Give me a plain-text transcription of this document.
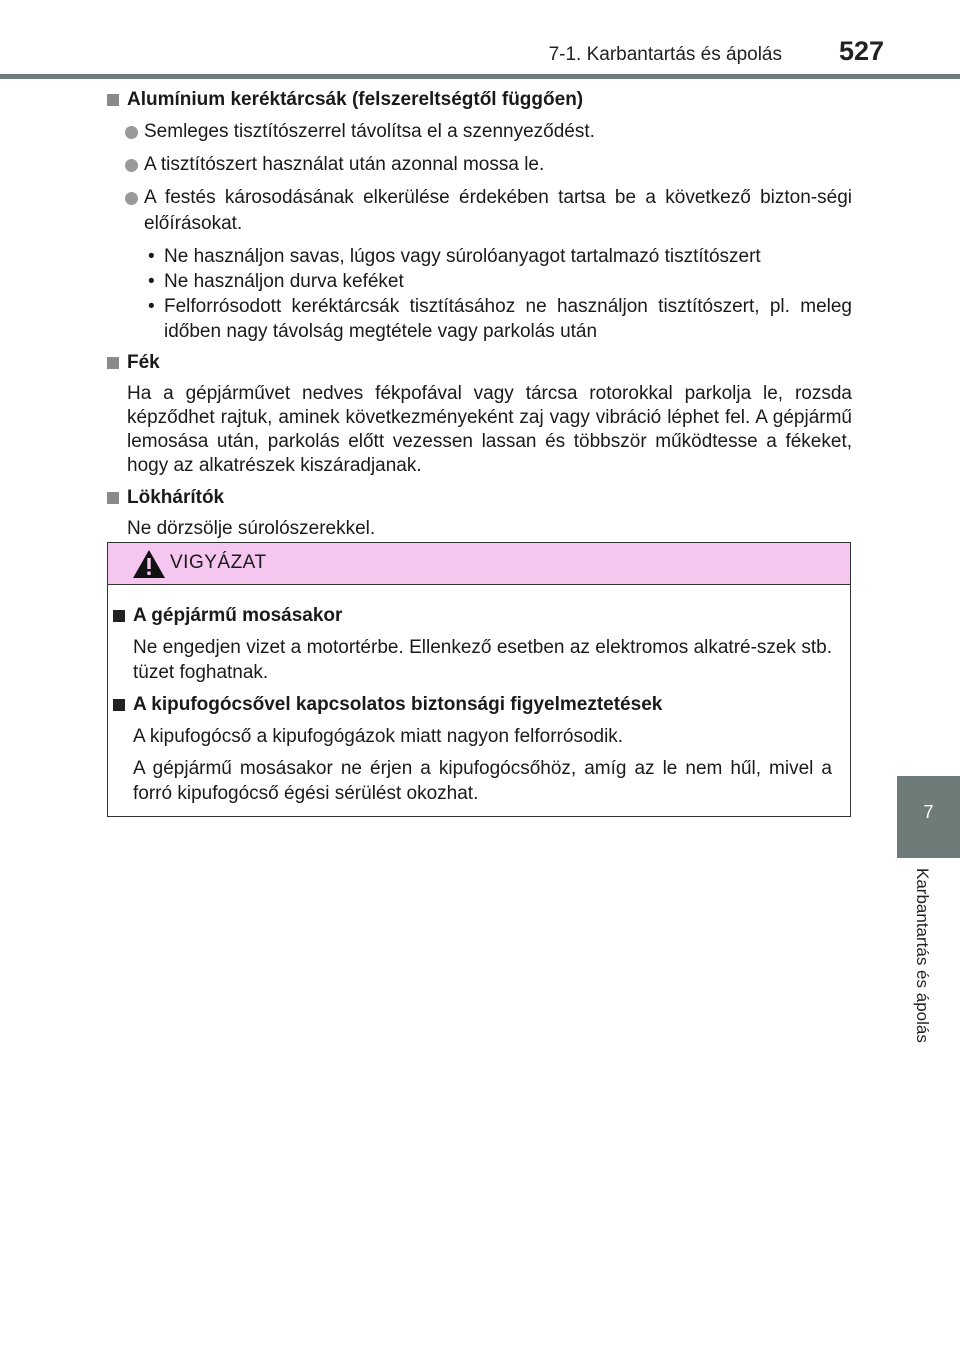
7-1. Karbantartás és ápolás 527
7
Karbantartás és ápolás
Alumínium keréktárcsák (felszereltségtől függően)
Semleges tisztítószerrel távolítsa el a szennyeződést.
A tisztítószert használat után azonnal mossa le.
A festés károsodásának elkerülése érdekében tartsa be a következő bizton-ségi előírásokat.
• Ne használjon savas, lúgos vagy súrolóanyagot tartalmazó tisztítószert
• Ne használjon durva keféket
• Felforrósodott keréktárcsák tisztításához ne használjon tisztítószert, pl. meleg időben nagy távolság megtétele vagy parkolás után
Fék
Ha a gépjárművet nedves fékpofával vagy tárcsa rotorokkal parkolja le, rozsda képződhet rajtuk, aminek következményeként zaj vagy vibráció léphet fel. A gépjármű lemosása után, parkolás előtt vezessen lassan és többször működtesse a fékeket, hogy az alkatrészek kiszáradjanak.
Lökhárítók
Ne dörzsölje súrolószerekkel.
VIGYÁZAT
A gépjármű mosásakor
Ne engedjen vizet a motortérbe. Ellenkező esetben az elektromos alkatré-szek stb. tüzet foghatnak.
A kipufogócsővel kapcsolatos biztonsági figyelmeztetések
A kipufogócső a kipufogógázok miatt nagyon felforrósodik.
A gépjármű mosásakor ne érjen a kipufogócsőhöz, amíg az le nem hűl, mivel a forró kipufogócső égési sérülést okozhat.
